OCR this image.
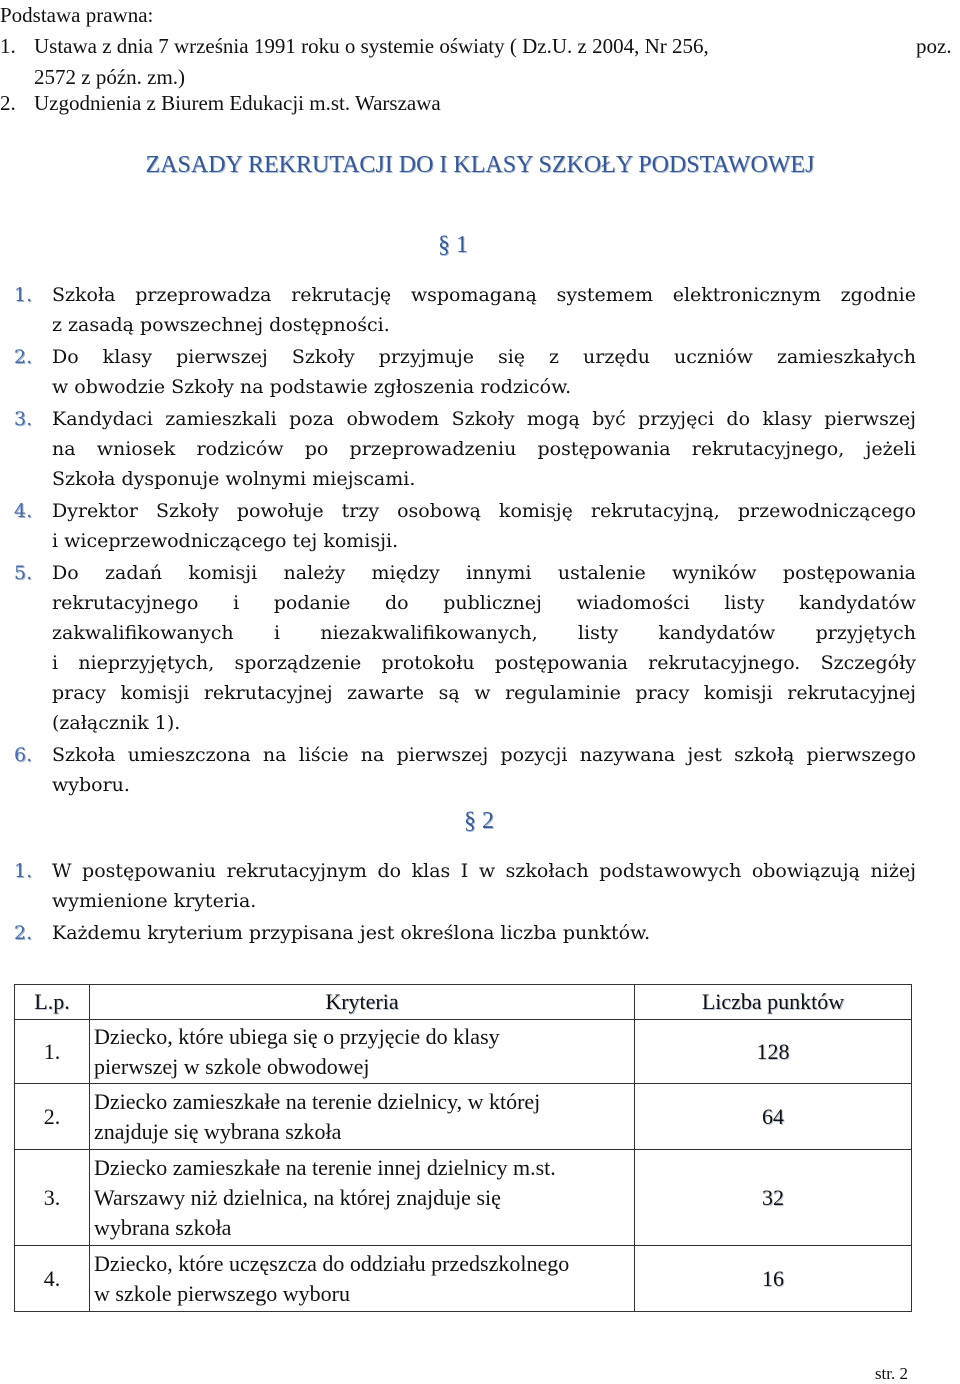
Podstawa prawna:
1. Ustawa z dnia 7 września 1991 roku o systemie oświaty ( Dz.U. z 2004, Nr 256,	poz.
2572 z późn. zm.)
2. Uzgodnienia z Biurem Edukacji m.st. Warszawa
ZASADY REKRUTACJI DO I KLASY SZKOŁY PODSTAWOWEJ
§ 1
1. Szkoła przeprowadza rekrutację wspomaganą systemem elektronicznym zgodnie
z zasadą powszechnej dostępności.
2. Do klasy pierwszej Szkoły przyjmuje się z urzędu uczniów zamieszkałych
w obwodzie Szkoły na podstawie zgłoszenia rodziców.
3. Kandydaci zamieszkali poza obwodem Szkoły mogą być przyjęci do klasy pierwszej
na wniosek rodziców po przeprowadzeniu postępowania rekrutacyjnego, jeżeli
Szkoła dysponuje wolnymi miejscami.
4. Dyrektor Szkoły powołuje trzy osobową komisję rekrutacyjną, przewodniczącego
i wiceprzewodniczącego tej komisji.
5. Do zadań komisji należy między innymi ustalenie wyników postępowania
rekrutacyjnego i podanie do publicznej wiadomości listy kandydatów
zakwalifikowanych i niezakwalifikowanych, listy kandydatów przyjętych
i nieprzyjętych, sporządzenie protokołu postępowania rekrutacyjnego. Szczegóły
pracy komisji rekrutacyjnej zawarte są w regulaminie pracy komisji rekrutacyjnej
(załącznik 1).
6. Szkoła umieszczona na liście na pierwszej pozycji nazywana jest szkołą pierwszego
wyboru.
§ 2
1. W postępowaniu rekrutacyjnym do klas I w szkołach podstawowych obowiązują niżej
wymienione kryteria.
2. Każdemu kryterium przypisana jest określona liczba punktów.
L.p.	Kryteria	Liczba punktów
1.	Dziecko, które ubiega się o przyjęcie do klasy
pierwszej w szkole obwodowej	128
2.	Dziecko zamieszkałe na terenie dzielnicy, w której
znajduje się wybrana szkoła	64
3.	Dziecko zamieszkałe na terenie innej dzielnicy m.st.
Warszawy niż dzielnica, na której znajduje się
wybrana szkoła	32
4.	Dziecko, które uczęszcza do oddziału przedszkolnego
w szkole pierwszego wyboru	16
str. 2
